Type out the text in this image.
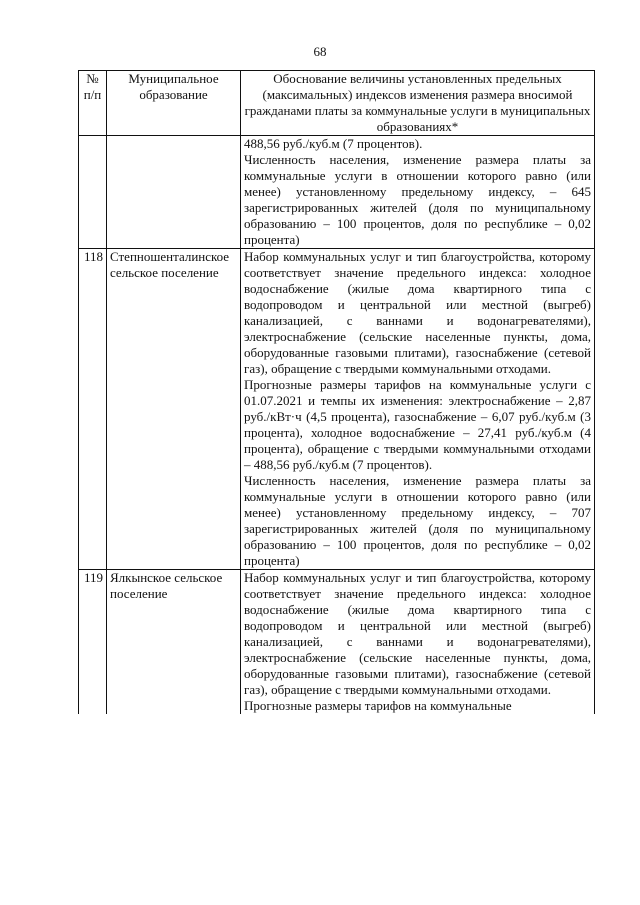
68
№ п/п	Муниципальное образование	Обоснование величины установленных предельных (максимальных) индексов изменения размера вносимой гражданами платы за коммунальные услуги в муниципальных образованиях*

		488,56 руб./куб.м (7 процентов).

Численность населения, изменение размера платы за коммунальные услуги в отношении которого равно (или менее) установленному предельному индексу, – 645 зарегистрированных жителей (доля по муниципальному образованию – 100 процентов, доля по республике – 0,02 процента)

118	Степношенталинское сельское поселение	Набор коммунальных услуг и тип благоустройства, которому соответствует значение предельного индекса: холодное водоснабжение (жилые дома квартирного типа с водопроводом и центральной или местной (выгреб) канализацией, с ваннами и водонагревателями), электроснабжение (сельские населенные пункты, дома, оборудованные газовыми плитами), газоснабжение (сетевой газ), обращение с твердыми коммунальными отходами.

Прогнозные размеры тарифов на коммунальные услуги с 01.07.2021 и темпы их изменения: электроснабжение – 2,87 руб./кВт·ч (4,5 процента), газоснабжение – 6,07 руб./куб.м (3 процента), холодное водоснабжение – 27,41 руб./куб.м (4 процента), обращение с твердыми коммунальными отходами – 488,56 руб./куб.м (7 процентов).

Численность населения, изменение размера платы за коммунальные услуги в отношении которого равно (или менее) установленному предельному индексу, – 707 зарегистрированных жителей (доля по муниципальному образованию – 100 процентов, доля по республике – 0,02 процента)

119	Ялкынское сельское поселение	Набор коммунальных услуг и тип благоустройства, которому соответствует значение предельного индекса: холодное водоснабжение (жилые дома квартирного типа с водопроводом и центральной или местной (выгреб) канализацией, с ваннами и водонагревателями), электроснабжение (сельские населенные пункты, дома, оборудованные газовыми плитами), газоснабжение (сетевой газ), обращение с твердыми коммунальными отходами.

Прогнозные размеры тарифов на коммунальные
